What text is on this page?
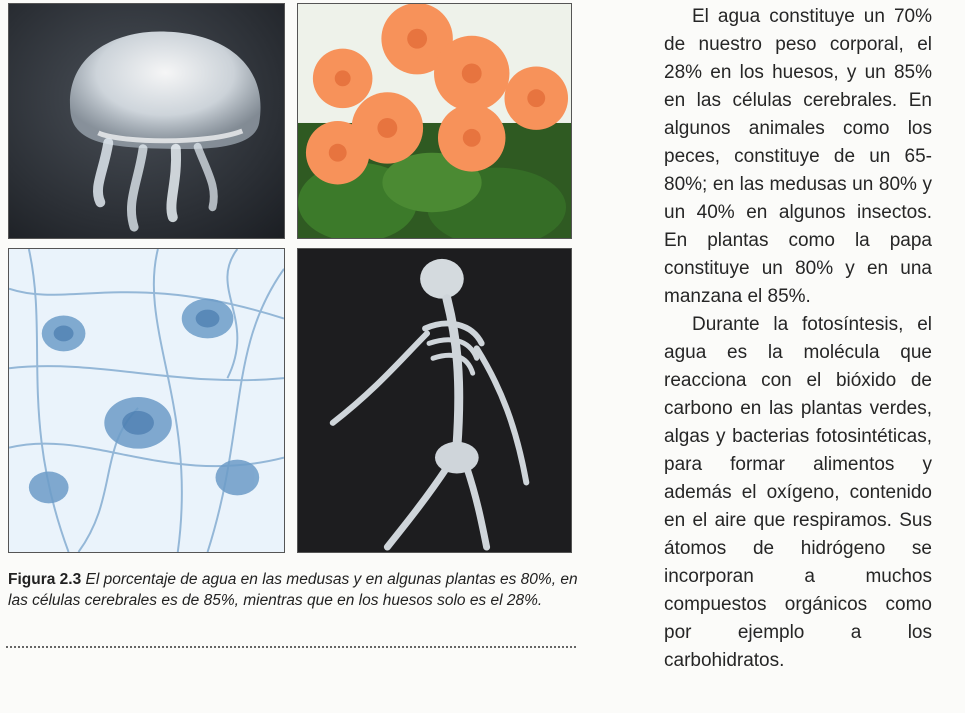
Figura 2.3 El porcentaje de agua en las medusas y en algunas plantas es 80%, en las células cerebrales es de 85%, mientras que en los huesos solo es el 28%.

El agua constituye un 70% de nuestro peso corporal, el 28% en los huesos, y un 85% en las células cerebrales. En algunos animales como los peces, constituye de un 65-80%; en las medusas un 80% y un 40% en algunos insectos. En plantas como la papa constituye un 80% y en una manzana el 85%.

Durante la fotosíntesis, el agua es la molécula que reacciona con el bióxido de carbono en las plantas verdes, algas y bacterias fotosintéticas, para formar alimentos y además el oxígeno, contenido en el aire que respiramos. Sus átomos de hidrógeno se incorporan a muchos compuestos orgánicos como por ejemplo a los carbohidratos.
